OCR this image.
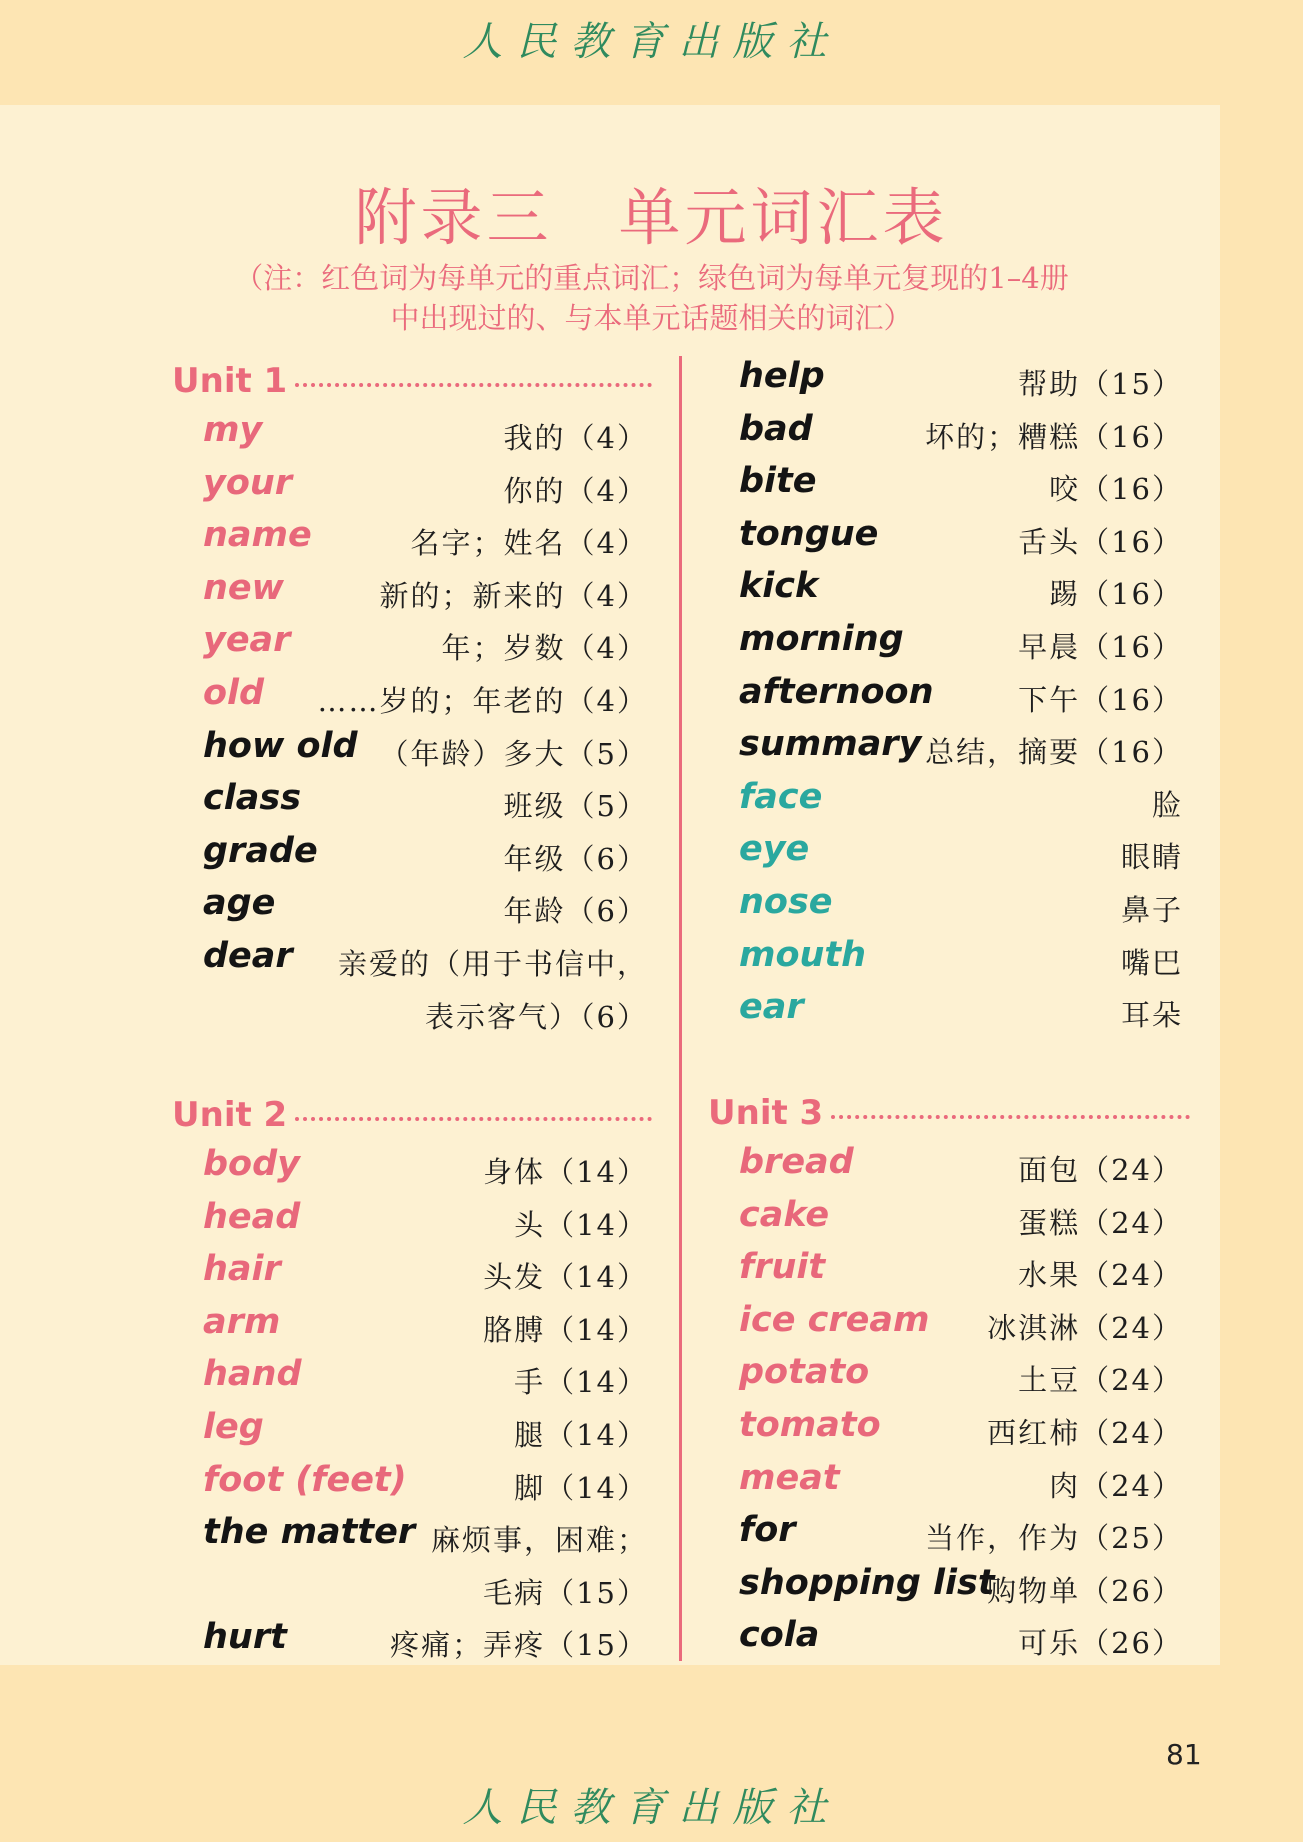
人民教育出版社
附录三　单元词汇表
（注：红色词为每单元的重点词汇；绿色词为每单元复现的1–4册
中出现过的、与本单元话题相关的词汇）
Unit 1
my	我的（4）
your	你的（4）
name	名字；姓名（4）
new	新的；新来的（4）
year	年；岁数（4）
old ……岁的；年老的（4）
how old （年龄）多大（5）
class	班级（5）
grade	年级（6）
age	年龄（6）
dear 亲爱的（用于书信中，
表示客气）（6）
help	帮助（15）
bad	坏的；糟糕（16）
bite	咬（16）
tongue	舌头（16）
kick	踢（16）
morning	早晨（16）
afternoon	下午（16）
summary 总结，摘要（16）
face	脸
eye	眼睛
nose	鼻子
mouth	嘴巴
ear	耳朵
Unit 2
body	身体（14）
head	头（14）
hair	头发（14）
arm	胳膊（14）
hand	手（14）
leg	腿（14）
foot (feet)	脚（14）
the matter 麻烦事，困难；
毛病（15）
hurt	疼痛；弄疼（15）
Unit 3
bread	面包（24）
cake	蛋糕（24）
fruit	水果（24）
ice cream 冰淇淋（24）
potato	土豆（24）
tomato	西红柿（24）
meat	肉（24）
for	当作，作为（25）
shopping list
购物单（26）
cola	可乐（26）
81
人民教育出版社
